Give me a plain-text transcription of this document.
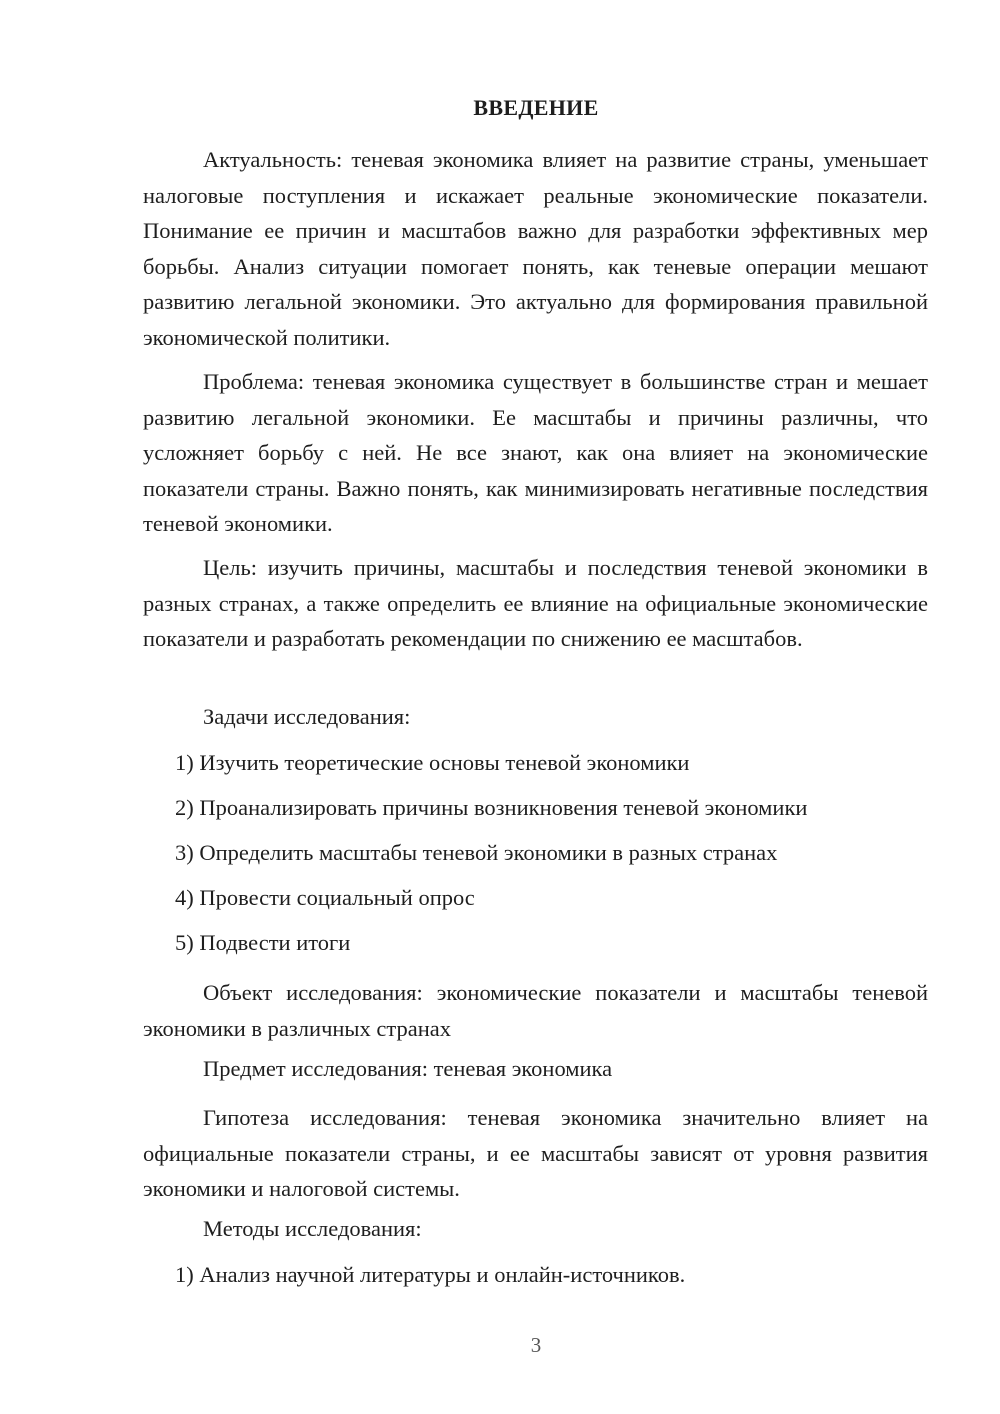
ВВЕДЕНИЕ

Актуальность: теневая экономика влияет на развитие страны, уменьшает налоговые поступления и искажает реальные экономические показатели. Понимание ее причин и масштабов важно для разработки эффективных мер борьбы. Анализ ситуации помогает понять, как теневые операции мешают развитию легальной экономики. Это актуально для формирования правильной экономической политики.

Проблема: теневая экономика существует в большинстве стран и мешает развитию легальной экономики. Ее масштабы и причины различны, что усложняет борьбу с ней. Не все знают, как она влияет на экономические показатели страны. Важно понять, как минимизировать негативные последствия теневой экономики.

Цель: изучить причины, масштабы и последствия теневой экономики в разных странах, а также определить ее влияние на официальные экономические показатели и разработать рекомендации по снижению ее масштабов.

Задачи исследования:

1) Изучить теоретические основы теневой экономики

2) Проанализировать причины возникновения теневой экономики

3) Определить масштабы теневой экономики в разных странах

4) Провести социальный опрос

5) Подвести итоги

Объект исследования: экономические показатели и масштабы теневой экономики в различных странах

Предмет исследования: теневая экономика

Гипотеза исследования: теневая экономика значительно влияет на официальные показатели страны, и ее масштабы зависят от уровня развития экономики и налоговой системы.

Методы исследования:

1) Анализ научной литературы и онлайн-источников.

3
